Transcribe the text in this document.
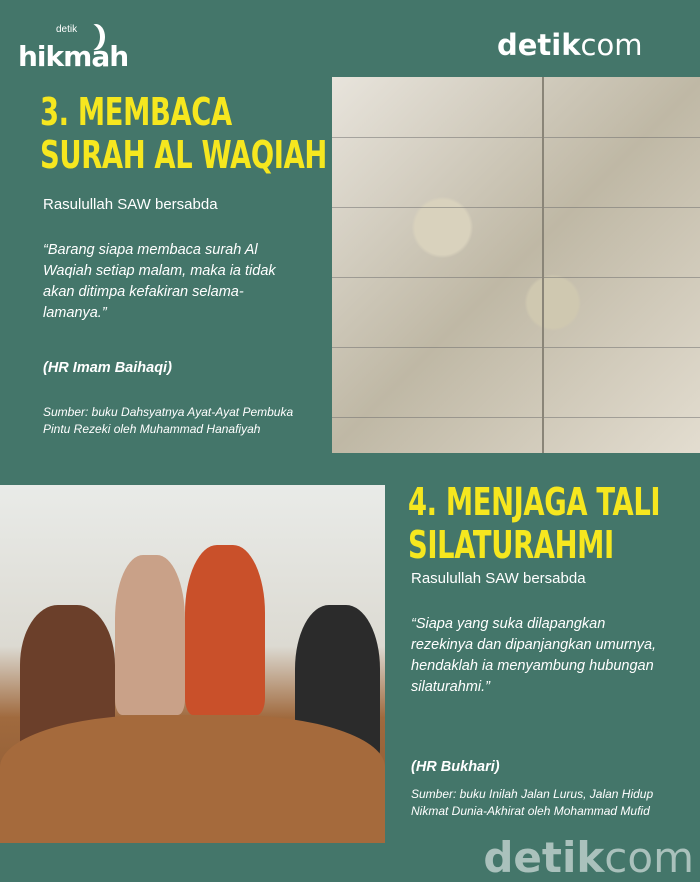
detik
hikmah	detikcom
3. MEMBACA
SURAH AL WAQIAH
Rasulullah SAW bersabda
“Barang siapa membaca surah Al Waqiah setiap malam, maka ia tidak akan ditimpa kefakiran selama-lamanya.”
(HR Imam Baihaqi)
Sumber: buku Dahsyatnya Ayat-Ayat Pembuka Pintu Rezeki oleh Muhammad Hanafiyah
4. MENJAGA TALI
SILATURAHMI
Rasulullah SAW bersabda
“Siapa yang suka dilapangkan rezekinya dan dipanjangkan umurnya, hendaklah ia menyambung hubungan silaturahmi.”
(HR Bukhari)
Sumber: buku Inilah Jalan Lurus, Jalan Hidup Nikmat Dunia-Akhirat oleh Mohammad Mufid
detikcom
